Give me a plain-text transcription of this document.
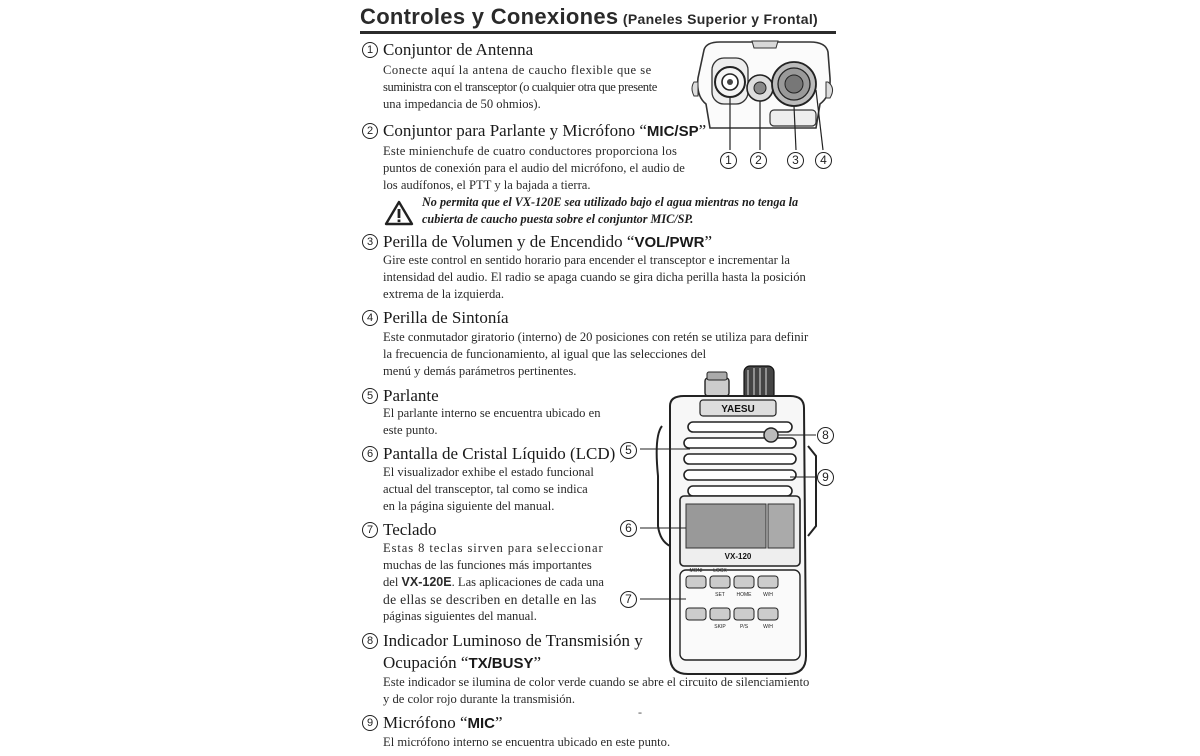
Controles y Conexiones (Paneles Superior y Frontal)
1 Conjuntor de Antenna
Conecte aquí la antena de caucho flexible que se
suministra con el transceptor (o cualquier otra que presente
una impedancia de 50 ohmios).
2 Conjuntor para Parlante y Micrófono “MIC/SP”
Este minienchufe de cuatro conductores proporciona los
puntos de conexión para el audio del micrófono, el audio de
los audífonos, el PTT y la bajada a tierra.
No permita que el VX-120E sea utilizado bajo el agua mientras no tenga la
cubierta de caucho puesta sobre el conjuntor MIC/SP.
3 Perilla de Volumen y de Encendido “VOL/PWR”
Gire este control en sentido horario para encender el transceptor e incrementar la
intensidad del audio. El radio se apaga cuando se gira dicha perilla hasta la posición
extrema de la izquierda.
4 Perilla de Sintonía
Este conmutador giratorio (interno) de 20 posiciones con retén se utiliza para definir
la frecuencia de funcionamiento, al igual que las selecciones del
menú y demás parámetros pertinentes.
5 Parlante
El parlante interno se encuentra ubicado en
este punto.
6 Pantalla de Cristal Líquido (LCD)
El visualizador exhibe el estado funcional
actual del transceptor, tal como se indica
en la página siguiente del manual.
7 Teclado
Estas 8 teclas sirven para seleccionar
muchas de las funciones más importantes
del VX-120E. Las aplicaciones de cada una
de ellas se describen en detalle en las
páginas siguientes del manual.
8 Indicador Luminoso de Transmisión y
Ocupación “TX/BUSY”
Este indicador se ilumina de color verde cuando se abre el circuito de silenciamiento
y de color rojo durante la transmisión.
9 Micrófono “MIC”
El micrófono interno se encuentra ubicado en este punto.
-
1	2	3	4
YAESU
VX-120
MONI LOCK
SET HOME W/H
SKIP	P/S	W/H
5
6
7
8
9
